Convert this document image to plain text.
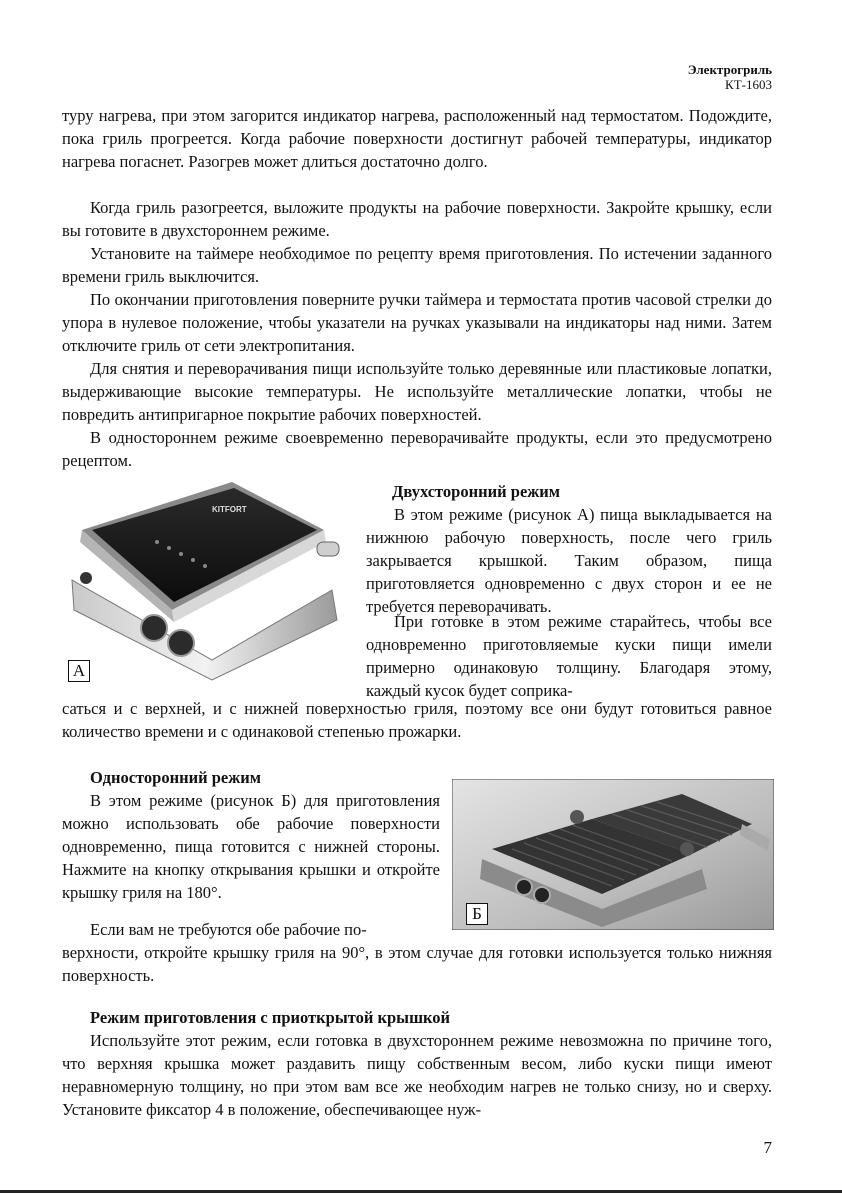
Электрогриль
КТ-1603

туру нагрева, при этом загорится индикатор нагрева, расположенный над термостатом. Подождите, пока гриль прогреется. Когда рабочие поверхности достигнут рабочей температуры, индикатор нагрева погаснет. Разогрев может длиться достаточно долго.

Когда гриль разогреется, выложите продукты на рабочие поверхности. Закройте крышку, если вы готовите в двухстороннем режиме.

Установите на таймере необходимое по рецепту время приготовления. По истечении заданного времени гриль выключится.

По окончании приготовления поверните ручки таймера и термостата против часовой стрелки до упора в нулевое положение, чтобы указатели на ручках указывали на индикаторы над ними. Затем отключите гриль от сети электропитания.

Для снятия и переворачивания пищи используйте только деревянные или пластиковые лопатки, выдерживающие высокие температуры. Не используйте металлические лопатки, чтобы не повредить антипригарное покрытие рабочих поверхностей.

В одностороннем режиме своевременно переворачивайте продукты, если это предусмотрено рецептом.

KITFORT
А
Двухсторонний режим

В этом режиме (рисунок А) пища выкладывается на нижнюю рабочую поверхность, после чего гриль закрывается крышкой. Таким образом, пища приготовляется одновременно с двух сторон и ее не требуется переворачивать.

При готовке в этом режиме старайтесь, чтобы все одновременно приготовляемые куски пищи имели примерно одинаковую толщину. Благодаря этому, каждый кусок будет соприка-

саться и с верхней, и с нижней поверхностью гриля, поэтому все они будут готовиться равное количество времени и с одинаковой степенью прожарки.

Односторонний режим

В этом режиме (рисунок Б) для приготовления можно использовать обе рабочие поверхности одновременно, пища готовится с нижней стороны. Нажмите на кнопку открывания крышки и откройте крышку гриля на 180°.

Если вам не требуются обе рабочие по-

верхности, откройте крышку гриля на 90°, в этом случае для готовки используется только нижняя поверхность.

Б
Режим приготовления с приоткрытой крышкой

Используйте этот режим, если готовка в двухстороннем режиме невозможна по причине того, что верхняя крышка может раздавить пищу собственным весом, либо куски пищи имеют неравномерную толщину, но при этом вам все же необходим нагрев не только снизу, но и сверху. Установите фиксатор 4 в положение, обеспечивающее нуж-

7
